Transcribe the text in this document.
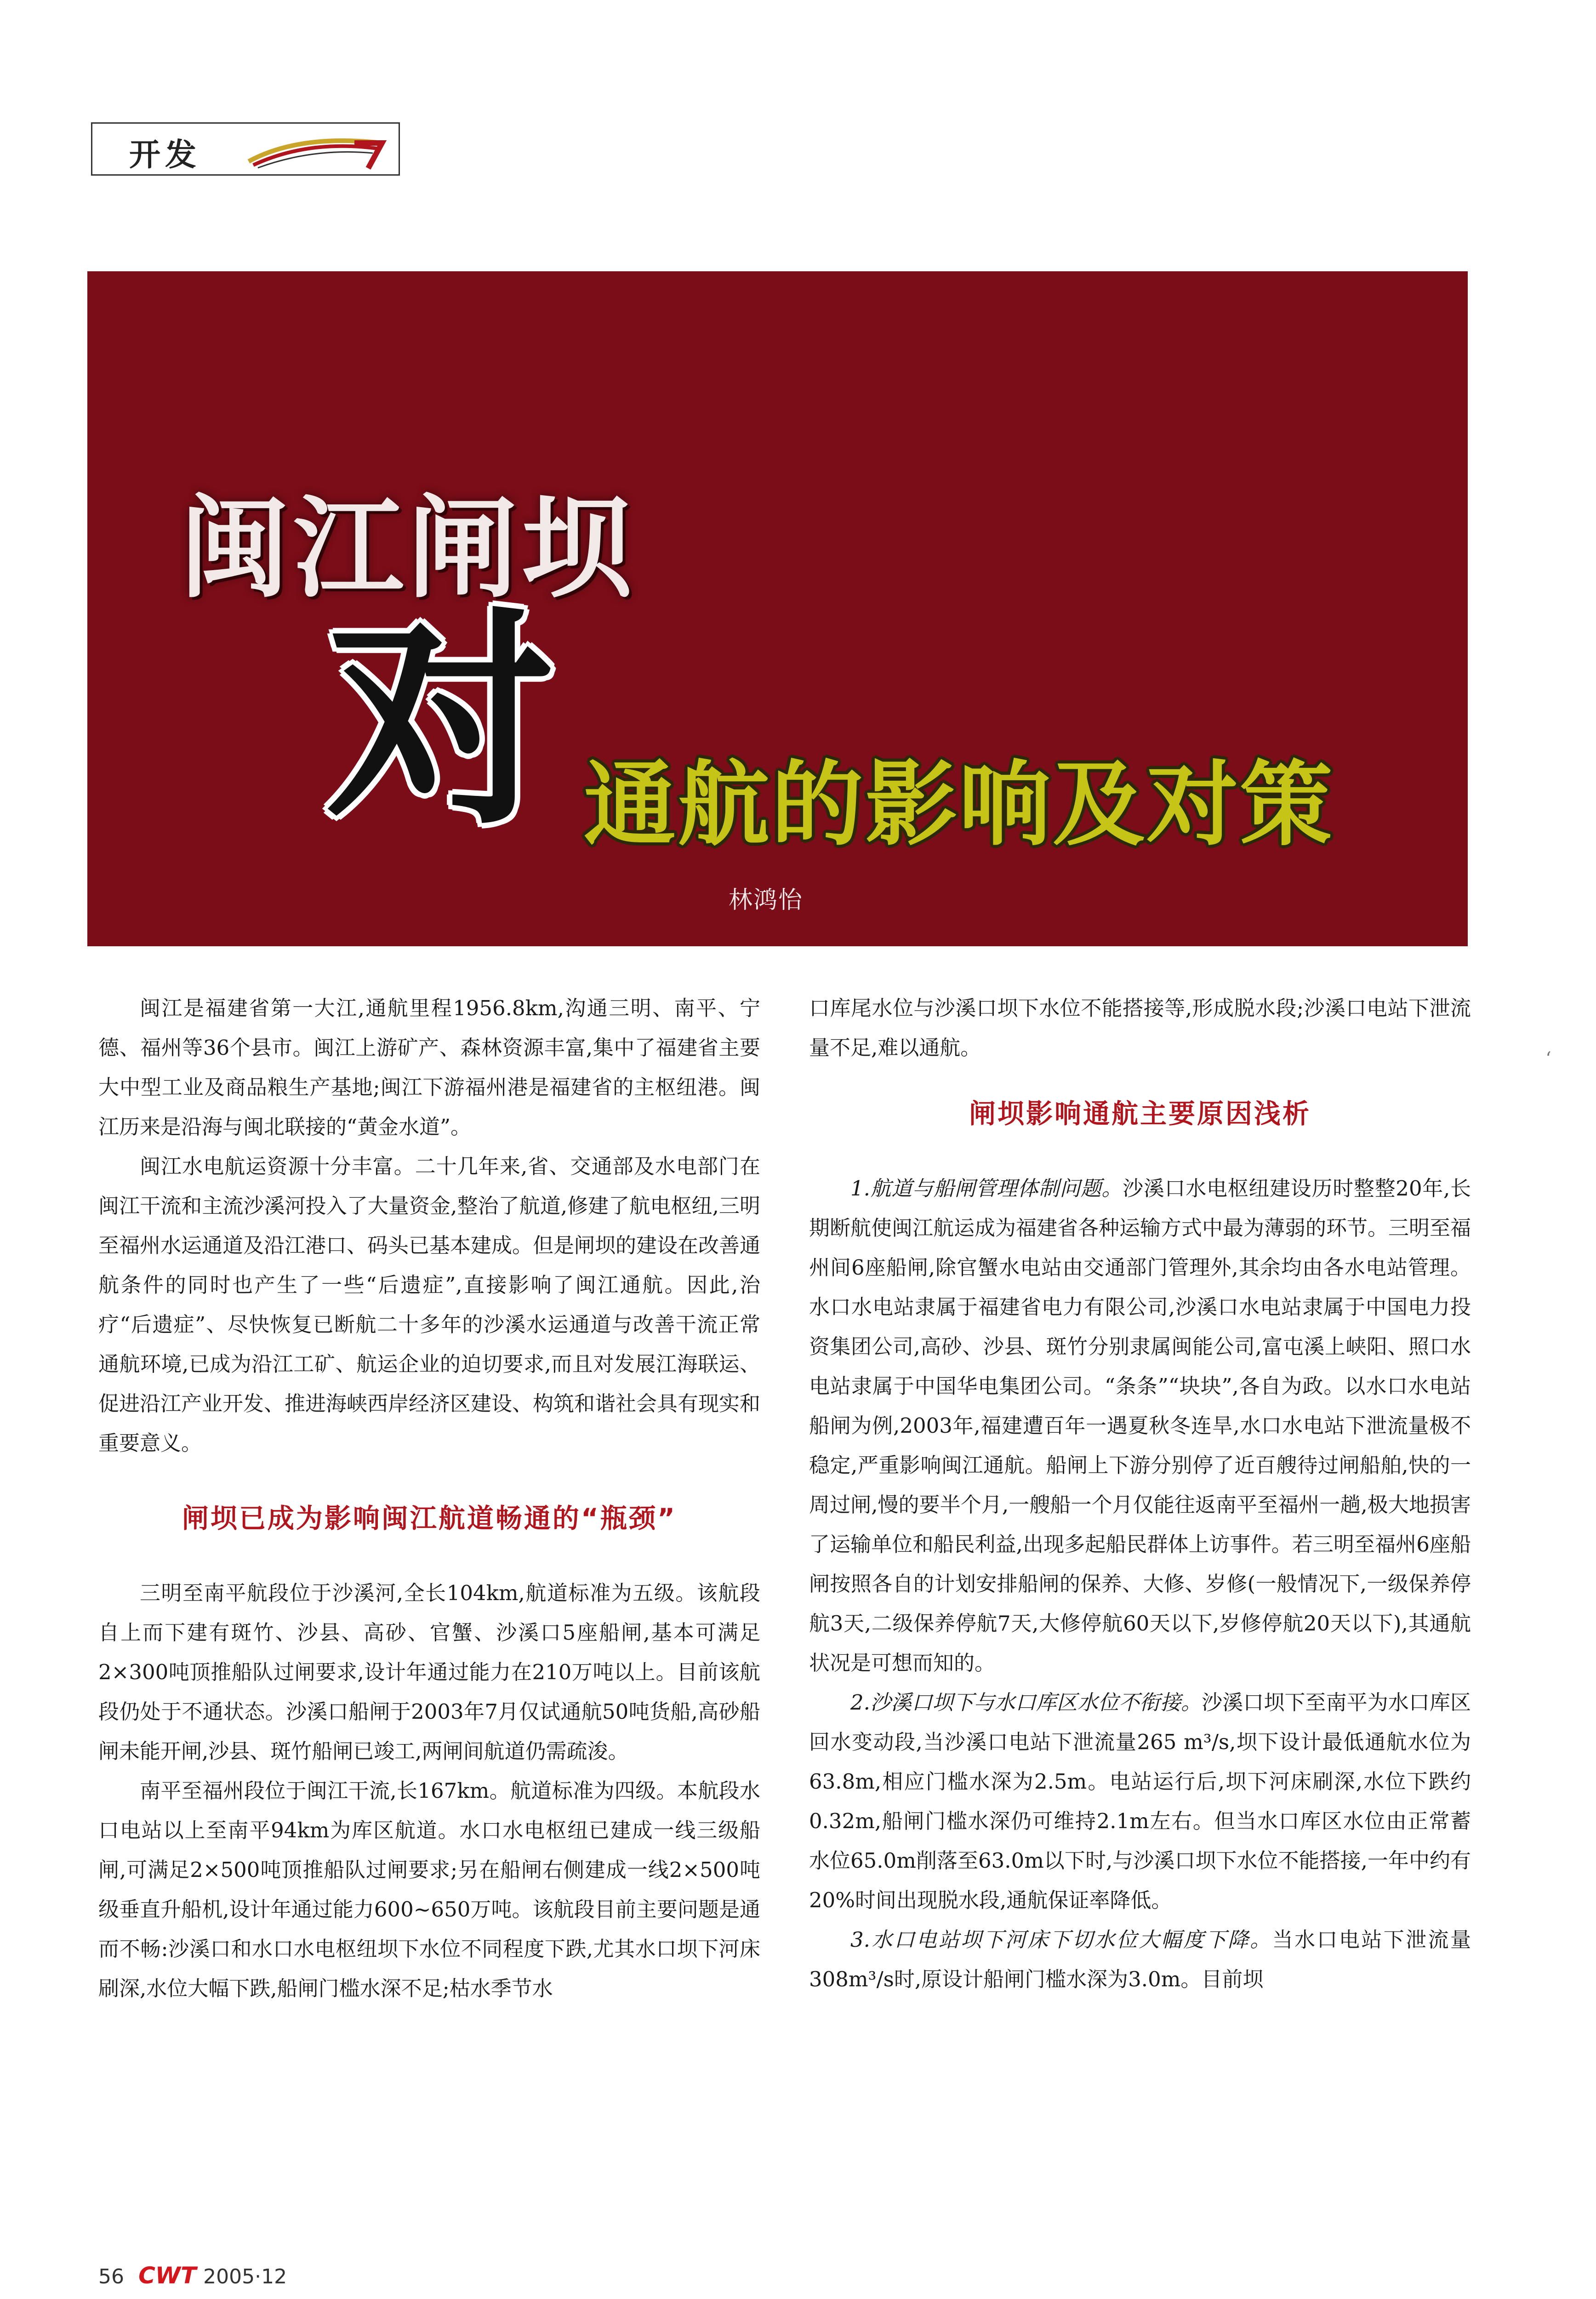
开发
闽江闸坝
对 通航的影响及对策
林鸿怡

闽江是福建省第一大江,通航里程1956.8km,沟通三明、南平、宁德、福州等36个县市。闽江上游矿产、森林资源丰富,集中了福建省主要大中型工业及商品粮生产基地;闽江下游福州港是福建省的主枢纽港。闽江历来是沿海与闽北联接的“黄金水道”。

闽江水电航运资源十分丰富。二十几年来,省、交通部及水电部门在闽江干流和主流沙溪河投入了大量资金,整治了航道,修建了航电枢纽,三明至福州水运通道及沿江港口、码头已基本建成。但是闸坝的建设在改善通航条件的同时也产生了一些“后遗症”,直接影响了闽江通航。因此,治疗“后遗症”、尽快恢复已断航二十多年的沙溪水运通道与改善干流正常通航环境,已成为沿江工矿、航运企业的迫切要求,而且对发展江海联运、促进沿江产业开发、推进海峡西岸经济区建设、构筑和谐社会具有现实和重要意义。

闸坝已成为影响闽江航道畅通的“瓶颈”

三明至南平航段位于沙溪河,全长104km,航道标准为五级。该航段自上而下建有斑竹、沙县、高砂、官蟹、沙溪口5座船闸,基本可满足2×300吨顶推船队过闸要求,设计年通过能力在210万吨以上。目前该航段仍处于不通状态。沙溪口船闸于2003年7月仅试通航50吨货船,高砂船闸未能开闸,沙县、斑竹船闸已竣工,两闸间航道仍需疏浚。

南平至福州段位于闽江干流,长167km。航道标准为四级。本航段水口电站以上至南平94km为库区航道。水口水电枢纽已建成一线三级船闸,可满足2×500吨顶推船队过闸要求;另在船闸右侧建成一线2×500吨级垂直升船机,设计年通过能力600~650万吨。该航段目前主要问题是通而不畅:沙溪口和水口水电枢纽坝下水位不同程度下跌,尤其水口坝下河床刷深,水位大幅下跌,船闸门槛水深不足;枯水季节水

口库尾水位与沙溪口坝下水位不能搭接等,形成脱水段;沙溪口电站下泄流量不足,难以通航。

闸坝影响通航主要原因浅析

1.航道与船闸管理体制问题。沙溪口水电枢纽建设历时整整20年,长期断航使闽江航运成为福建省各种运输方式中最为薄弱的环节。三明至福州间6座船闸,除官蟹水电站由交通部门管理外,其余均由各水电站管理。水口水电站隶属于福建省电力有限公司,沙溪口水电站隶属于中国电力投资集团公司,高砂、沙县、斑竹分别隶属闽能公司,富屯溪上峡阳、照口水电站隶属于中国华电集团公司。“条条”“块块”,各自为政。以水口水电站船闸为例,2003年,福建遭百年一遇夏秋冬连旱,水口水电站下泄流量极不稳定,严重影响闽江通航。船闸上下游分别停了近百艘待过闸船舶,快的一周过闸,慢的要半个月,一艘船一个月仅能往返南平至福州一趟,极大地损害了运输单位和船民利益,出现多起船民群体上访事件。若三明至福州6座船闸按照各自的计划安排船闸的保养、大修、岁修(一般情况下,一级保养停航3天,二级保养停航7天,大修停航60天以下,岁修停航20天以下),其通航状况是可想而知的。

2.沙溪口坝下与水口库区水位不衔接。沙溪口坝下至南平为水口库区回水变动段,当沙溪口电站下泄流量265 m³/s,坝下设计最低通航水位为63.8m,相应门槛水深为2.5m。电站运行后,坝下河床刷深,水位下跌约0.32m,船闸门槛水深仍可维持2.1m左右。但当水口库区水位由正常蓄水位65.0m削落至63.0m以下时,与沙溪口坝下水位不能搭接,一年中约有20%时间出现脱水段,通航保证率降低。

3.水口电站坝下河床下切水位大幅度下降。当水口电站下泄流量308m³/s时,原设计船闸门槛水深为3.0m。目前坝

‘
56 CWT 2005·12
